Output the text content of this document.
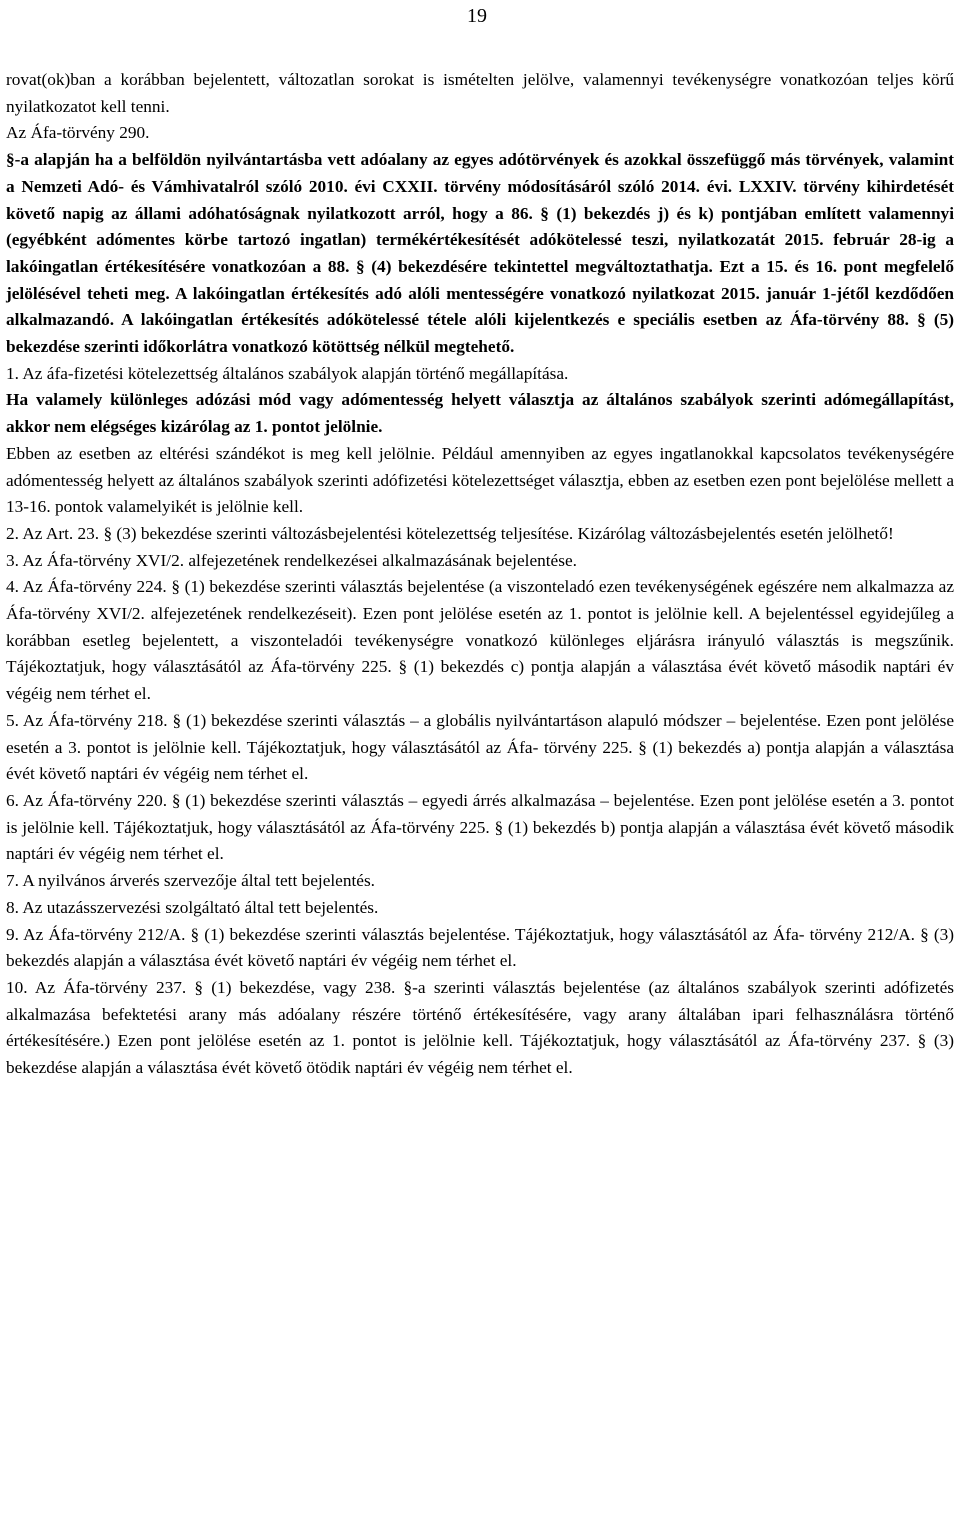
19

rovat(ok)ban a korábban bejelentett, változatlan sorokat is ismételten jelölve, valamennyi tevékenységre vonatkozóan teljes körű nyilatkozatot kell tenni.

Az Áfa-törvény 290.

§-a alapján ha a belföldön nyilvántartásba vett adóalany az egyes adótörvények és azokkal összefüggő más törvények, valamint a Nemzeti Adó- és Vámhivatalról szóló 2010. évi CXXII. törvény módosításáról szóló 2014. évi. LXXIV. törvény kihirdetését követő napig az állami adóhatóságnak nyilatkozott arról, hogy a 86. § (1) bekezdés j) és k) pontjában említett valamennyi (egyébként adómentes körbe tartozó ingatlan) termékértékesítését adókötelessé teszi, nyilatkozatát 2015. február 28-ig a lakóingatlan értékesítésére vonatkozóan a 88. § (4) bekezdésére tekintettel megváltoztathatja. Ezt a 15. és 16. pont megfelelő jelölésével teheti meg. A lakóingatlan értékesítés adó alóli mentességére vonatkozó nyilatkozat 2015. január 1-jétől kezdődően alkalmazandó. A lakóingatlan értékesítés adókötelessé tétele alóli kijelentkezés e speciális esetben az Áfa-törvény 88. § (5) bekezdése szerinti időkorlátra vonatkozó kötöttség nélkül megtehető.

1. Az áfa-fizetési kötelezettség általános szabályok alapján történő megállapítása.

Ha valamely különleges adózási mód vagy adómentesség helyett választja az általános szabályok szerinti adómegállapítást, akkor nem elégséges kizárólag az 1. pontot jelölnie.

Ebben az esetben az eltérési szándékot is meg kell jelölnie. Például amennyiben az egyes ingatlanokkal kapcsolatos tevékenységére adómentesség helyett az általános szabályok szerinti adófizetési kötelezettséget választja, ebben az esetben ezen pont bejelölése mellett a 13-16. pontok valamelyikét is jelölnie kell.

2. Az Art. 23. § (3) bekezdése szerinti változásbejelentési kötelezettség teljesítése. Kizárólag változásbejelentés esetén jelölhető!

3. Az Áfa-törvény XVI/2. alfejezetének rendelkezései alkalmazásának bejelentése.

4. Az Áfa-törvény 224. § (1) bekezdése szerinti választás bejelentése (a viszonteladó ezen tevékenységének egészére nem alkalmazza az Áfa-törvény XVI/2. alfejezetének rendelkezéseit). Ezen pont jelölése esetén az 1. pontot is jelölnie kell. A bejelentéssel egyidejűleg a korábban esetleg bejelentett, a viszonteladói tevékenységre vonatkozó különleges eljárásra irányuló választás is megszűnik. Tájékoztatjuk, hogy választásától az Áfa-törvény 225. § (1) bekezdés c) pontja alapján a választása évét követő második naptári év végéig nem térhet el.

5. Az Áfa-törvény 218. § (1) bekezdése szerinti választás – a globális nyilvántartáson alapuló módszer – bejelentése. Ezen pont jelölése esetén a 3. pontot is jelölnie kell. Tájékoztatjuk, hogy választásától az Áfa- törvény 225. § (1) bekezdés a) pontja alapján a választása évét követő naptári év végéig nem térhet el.

6. Az Áfa-törvény 220. § (1) bekezdése szerinti választás – egyedi árrés alkalmazása – bejelentése. Ezen pont jelölése esetén a 3. pontot is jelölnie kell. Tájékoztatjuk, hogy választásától az Áfa-törvény 225. § (1) bekezdés b) pontja alapján a választása évét követő második naptári év végéig nem térhet el.

7. A nyilvános árverés szervezője által tett bejelentés.

8. Az utazásszervezési szolgáltató által tett bejelentés.

9. Az Áfa-törvény 212/A. § (1) bekezdése szerinti választás bejelentése. Tájékoztatjuk, hogy választásától az Áfa- törvény 212/A. § (3) bekezdés alapján a választása évét követő naptári év végéig nem térhet el.

10. Az Áfa-törvény 237. § (1) bekezdése, vagy 238. §-a szerinti választás bejelentése (az általános szabályok szerinti adófizetés alkalmazása befektetési arany más adóalany részére történő értékesítésére, vagy arany általában ipari felhasználásra történő értékesítésére.) Ezen pont jelölése esetén az 1. pontot is jelölnie kell. Tájékoztatjuk, hogy választásától az Áfa-törvény 237. § (3) bekezdése alapján a választása évét követő ötödik naptári év végéig nem térhet el.
